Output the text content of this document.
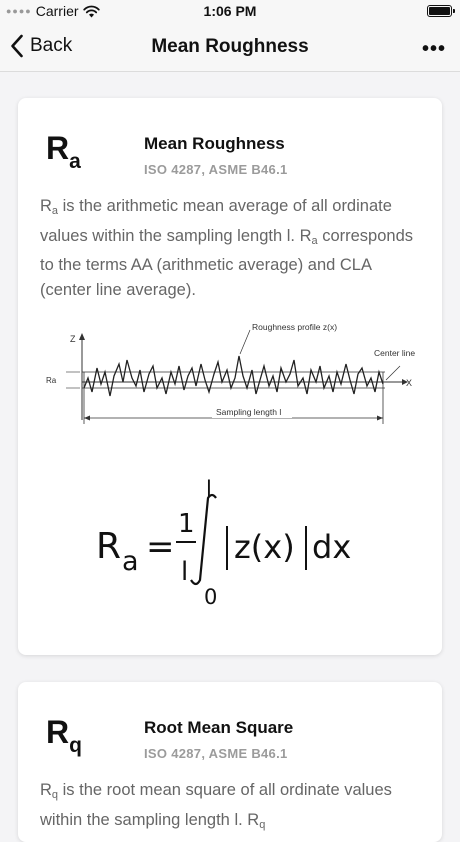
●●●● Carrier	1:06 PM
Back	Mean Roughness	•••
$R_a$
Mean Roughness
ISO 4287, ASME B46.1
$R_a$ is the arithmetic mean average of all ordinate values within the sampling length l. $R_a$ corresponds to the terms AA (arithmetic average) and CLA (center line average).
Z
X
Ra
Roughness profile z(x)
Center line
Sampling length l
R a =
1
l
l
0
z(x) dx
$R_q$
Root Mean Square
ISO 4287, ASME B46.1
$R_q$ is the root mean square of all ordinate values within the sampling length l. $R_q$
